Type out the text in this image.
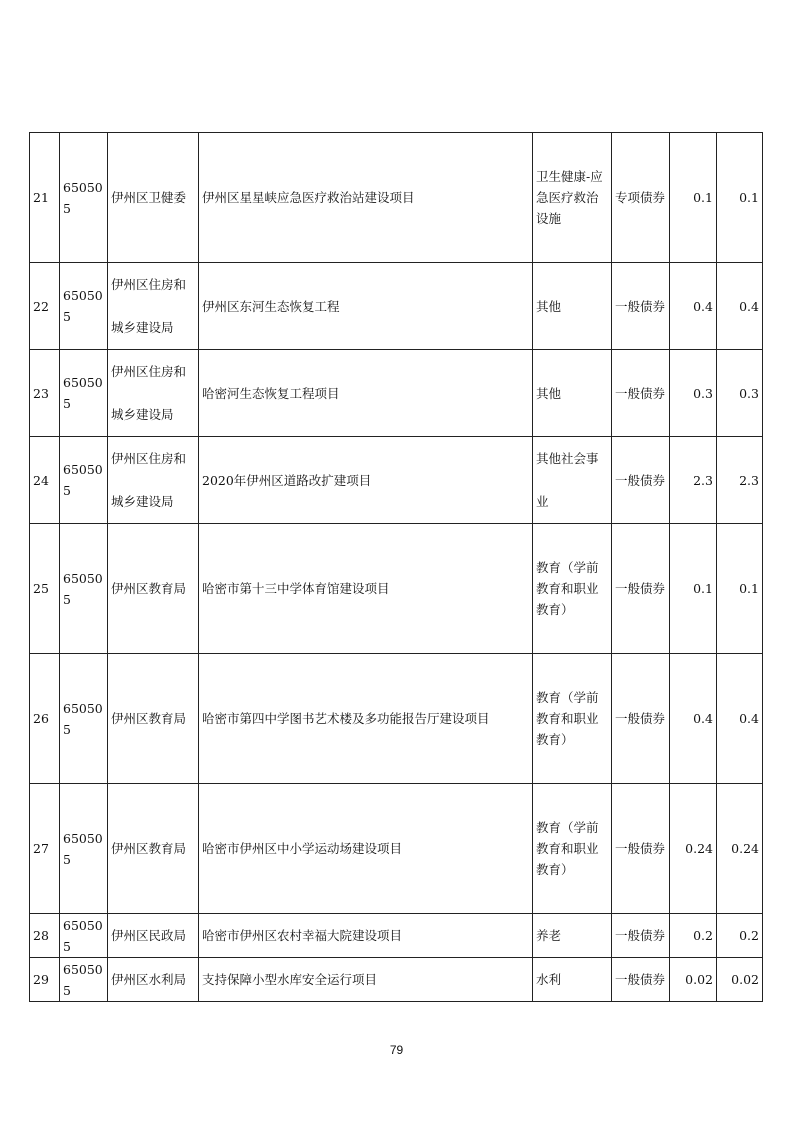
21	650505	伊州区卫健委	伊州区星星峡应急医疗救治站建设项目	卫生健康-应急医疗救治设施	专项债券	0.1	0.1
22	650505	伊州区住房和城乡建设局	伊州区东河生态恢复工程	其他	一般债券	0.4	0.4
23	650505	伊州区住房和城乡建设局	哈密河生态恢复工程项目	其他	一般债券	0.3	0.3
24	650505	伊州区住房和城乡建设局	2020年伊州区道路改扩建项目	其他社会事业	一般债券	2.3	2.3
25	650505	伊州区教育局	哈密市第十三中学体育馆建设项目	教育（学前教育和职业教育）	一般债券	0.1	0.1
26	650505	伊州区教育局	哈密市第四中学图书艺术楼及多功能报告厅建设项目	教育（学前教育和职业教育）	一般债券	0.4	0.4
27	650505	伊州区教育局	哈密市伊州区中小学运动场建设项目	教育（学前教育和职业教育）	一般债券	0.24	0.24
28	650505	伊州区民政局	哈密市伊州区农村幸福大院建设项目	养老	一般债券	0.2	0.2
29	650505	伊州区水利局	支持保障小型水库安全运行项目	水利	一般债券	0.02	0.02
79
